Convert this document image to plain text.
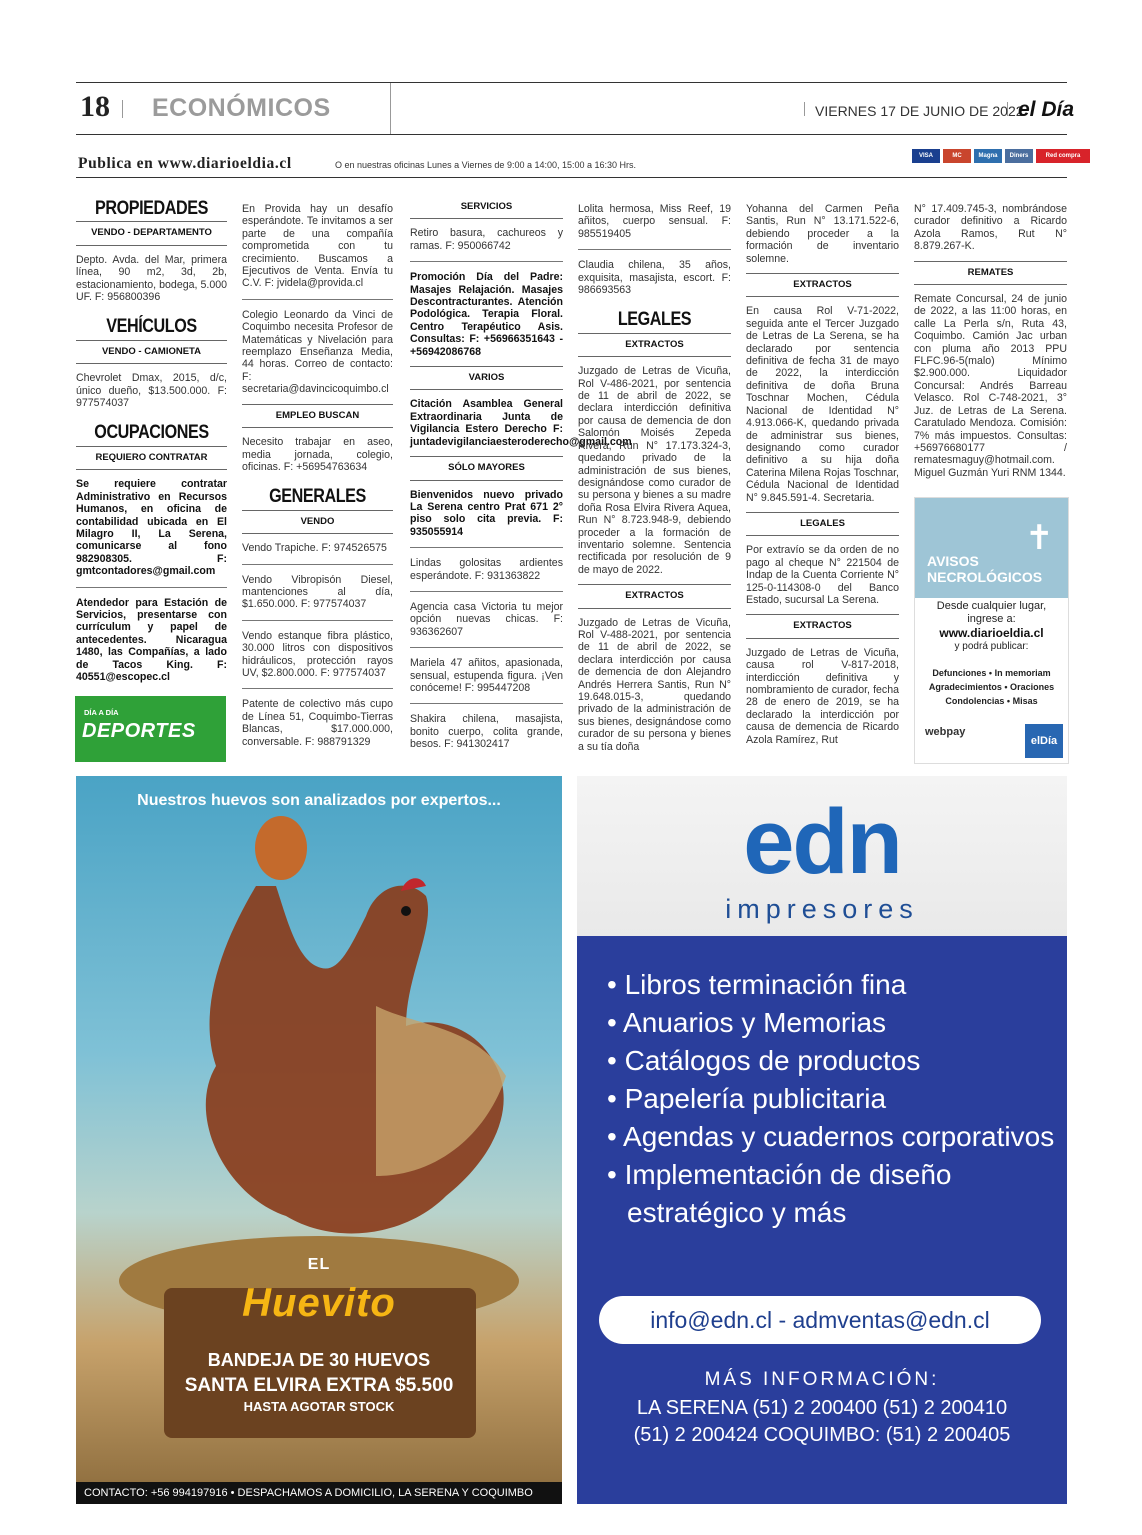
18 ECONÓMICOS	VIERNES 17 DE JUNIO DE 2022
el Día
Publica en www.diarioeldia.cl	O en nuestras oficinas Lunes a Viernes de 9:00 a 14:00, 15:00 a 16:30 Hrs.
VISA	MC	Magna	Diners	Red compra
PROPIEDADES
VENDO - DEPARTAMENTO

Depto. Avda. del Mar, primera línea, 90 m2, 3d, 2b, estacionamiento, bodega, 5.000 UF. F: 956800396

VEHÍCULOS
VENDO - CAMIONETA

Chevrolet Dmax, 2015, d/c, único dueño, $13.500.000. F: 977574037

OCUPACIONES
REQUIERO CONTRATAR

Se requiere contratar Administrativo en Recursos Humanos, en oficina de contabilidad ubicada en El Milagro II, La Serena, comunicarse al fono 982908305. F: gmtcontadores@gmail.com

Atendedor para Estación de Servicios, presentarse con currículum y papel de antecedentes. Nicaragua 1480, las Compañías, a lado de Tacos King. F: 40551@escopec.cl

DÍA A DÍA
DEPORTES

En Provida hay un desafío esperándote. Te invitamos a ser parte de una compañía comprometida con tu crecimiento. Buscamos a Ejecutivos de Venta. Envía tu C.V. F: jvidela@provida.cl

Colegio Leonardo da Vinci de Coquimbo necesita Profesor de Matemáticas y Nivelación para reemplazo Enseñanza Media, 44 horas. Correo de contacto: F: secretaria@davincicoquimbo.cl

EMPLEO BUSCAN

Necesito trabajar en aseo, media jornada, colegio, oficinas. F: +56954763634

GENERALES
VENDO

Vendo Trapiche. F: 974526575

Vendo Vibropisón Diesel, mantenciones al día, $1.650.000. F: 977574037

Vendo estanque fibra plástico, 30.000 litros con dispositivos hidráulicos, protección rayos UV, $2.800.000. F: 977574037

Patente de colectivo más cupo de Línea 51, Coquimbo-Tierras Blancas, $17.000.000, conversable. F: 988791329

SERVICIOS

Retiro basura, cachureos y ramas. F: 950066742

Promoción Día del Padre: Masajes Relajación. Masajes Descontracturantes. Atención Podológica. Terapia Floral. Centro Terapéutico Asis. Consultas: F: +56966351643 - +56942086768

VARIOS

Citación Asamblea General Extraordinaria Junta de Vigilancia Estero Derecho F: juntadevigilanciaesteroderecho@gmail.com

SÓLO MAYORES

Bienvenidos nuevo privado La Serena centro Prat 671 2° piso solo cita previa. F: 935055914

Lindas golositas ardientes esperándote. F: 931363822

Agencia casa Victoria tu mejor opción nuevas chicas. F: 936362607

Mariela 47 añitos, apasionada, sensual, estupenda figura. ¡Ven conóceme! F: 995447208

Shakira chilena, masajista, bonito cuerpo, colita grande, besos. F: 941302417

Lolita hermosa, Miss Reef, 19 añitos, cuerpo sensual. F: 985519405

Claudia chilena, 35 años, exquisita, masajista, escort. F: 986693563

LEGALES
EXTRACTOS

Juzgado de Letras de Vicuña, Rol V-486-2021, por sentencia de 11 de abril de 2022, se declara interdicción definitiva por causa de demencia de don Salomón Moisés Zepeda Rivera, Run N° 17.173.324-3, quedando privado de la administración de sus bienes, designándose como curador de su persona y bienes a su madre doña Rosa Elvira Rivera Aquea, Run N° 8.723.948-9, debiendo proceder a la formación de inventario solemne. Sentencia rectificada por resolución de 9 de mayo de 2022.

EXTRACTOS

Juzgado de Letras de Vicuña, Rol V-488-2021, por sentencia de 11 de abril de 2022, se declara interdicción por causa de demencia de don Alejandro Andrés Herrera Santis, Run N° 19.648.015-3, quedando privado de la administración de sus bienes, designándose como curador de su persona y bienes a su tía doña

Yohanna del Carmen Peña Santis, Run N° 13.171.522-6, debiendo proceder a la formación de inventario solemne.

EXTRACTOS

En causa Rol V-71-2022, seguida ante el Tercer Juzgado de Letras de La Serena, se ha declarado por sentencia definitiva de fecha 31 de mayo de 2022, la interdicción definitiva de doña Bruna Toschnar Mochen, Cédula Nacional de Identidad N° 4.913.066-K, quedando privada de administrar sus bienes, designando como curador definitivo a su hija doña Caterina Milena Rojas Toschnar, Cédula Nacional de Identidad N° 9.845.591-4. Secretaria.

LEGALES

Por extravío se da orden de no pago al cheque N° 221504 de Indap de la Cuenta Corriente N° 125-0-114308-0 del Banco Estado, sucursal La Serena.

EXTRACTOS

Juzgado de Letras de Vicuña, causa rol V-817-2018, interdicción definitiva y nombramiento de curador, fecha 28 de enero de 2019, se ha declarado la interdicción por causa de demencia de Ricardo Azola Ramírez, Rut

N° 17.409.745-3, nombrándose curador definitivo a Ricardo Azola Ramos, Rut N° 8.879.267-K.

REMATES

Remate Concursal, 24 de junio de 2022, a las 11:00 horas, en calle La Perla s/n, Ruta 43, Coquimbo. Camión Jac urban con pluma año 2013 PPU FLFC.96-5(malo) Mínimo $2.900.000. Liquidador Concursal: Andrés Barreau Velasco. Rol C-748-2021, 3° Juz. de Letras de La Serena. Caratulado Mendoza. Comisión: 7% más impuestos. Consultas: +56976680177 / rematesmaguy@hotmail.com. Miguel Guzmán Yuri RNM 1344.

✝
AVISOS
NECROLÓGICOS
Desde cualquier lugar,
ingrese a:
www.diarioeldia.cl
y podrá publicar:
Defunciones • In memoriam
Agradecimientos • Oraciones
Condolencias • Misas
webpay
elDía
Nuestros huevos son analizados por expertos...
EL
Huevito
BANDEJA DE 30 HUEVOS
SANTA ELVIRA EXTRA $5.500
HASTA AGOTAR STOCK
CONTACTO: +56 994197916 • DESPACHAMOS A DOMICILIO, LA SERENA Y COQUIMBO
edn
impresores
• Libros terminación fina
• Anuarios y Memorias
• Catálogos de productos
• Papelería publicitaria
• Agendas y cuadernos corporativos
• Implementación de diseño estratégico y más
info@edn.cl - admventas@edn.cl
MÁS INFORMACIÓN:
LA SERENA (51) 2 200400 (51) 2 200410
(51) 2 200424 COQUIMBO: (51) 2 200405
